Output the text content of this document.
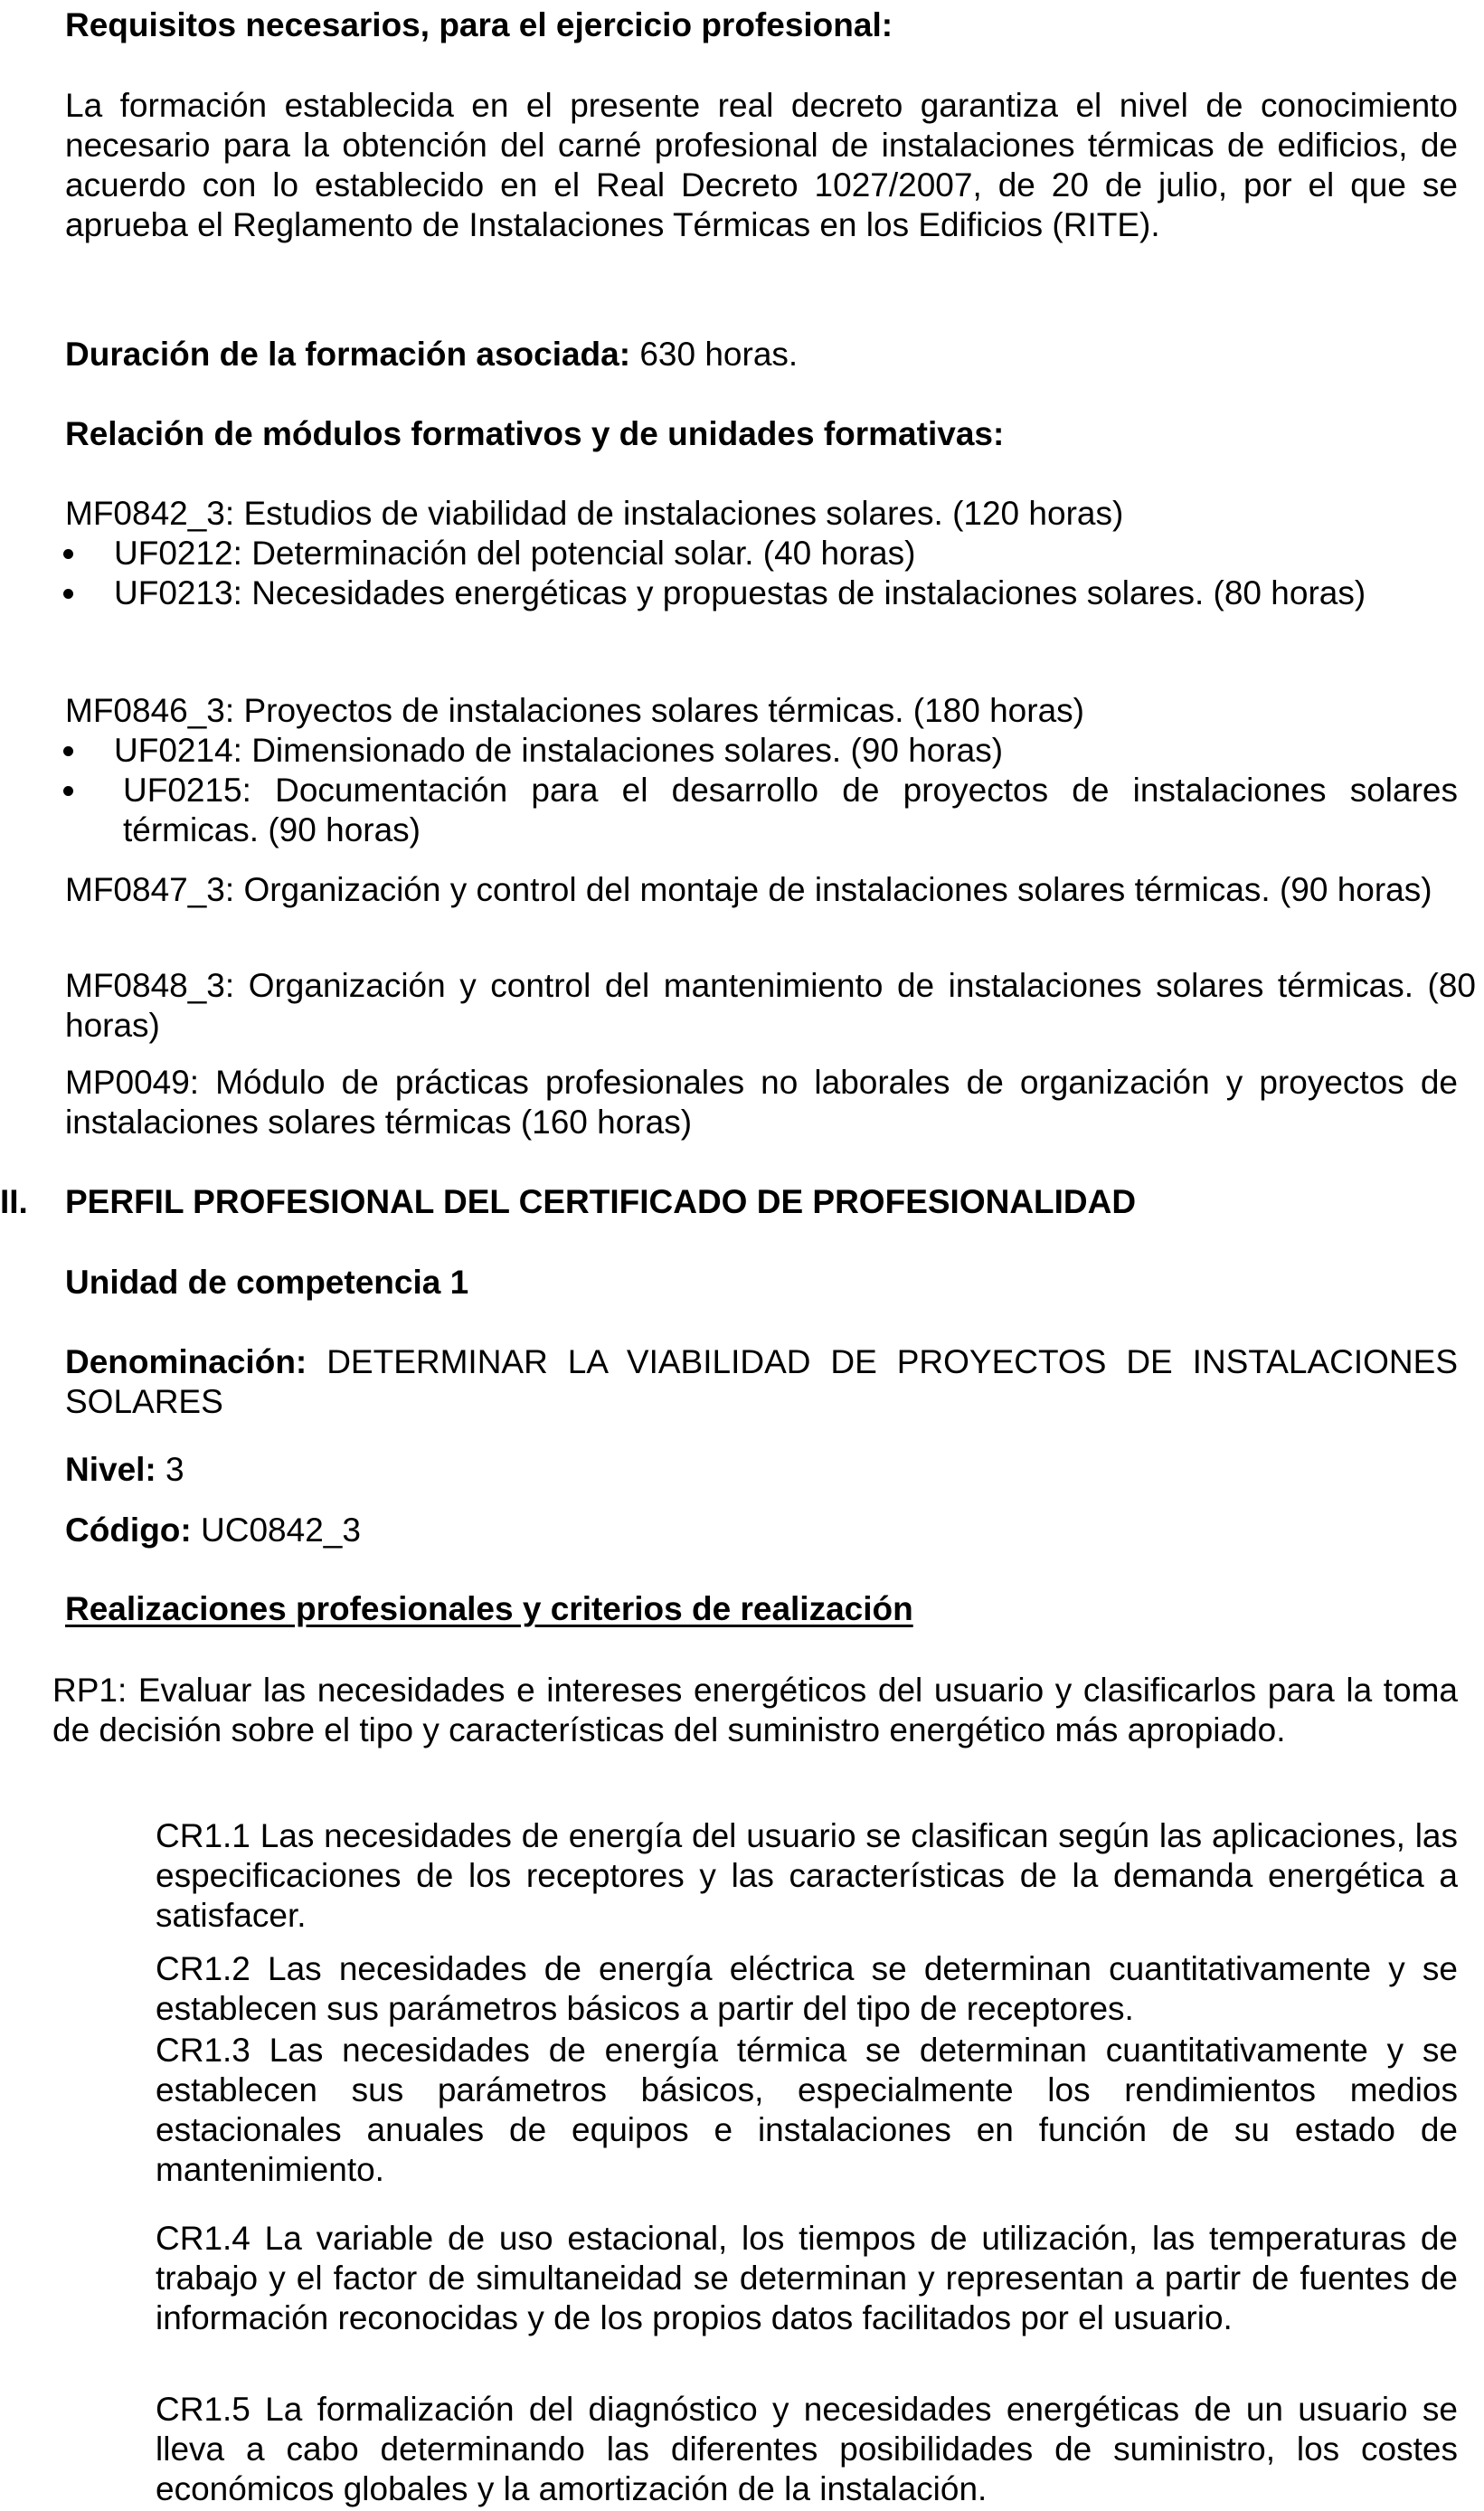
Requisitos necesarios, para el ejercicio profesional:

La formación establecida en el presente real decreto garantiza el nivel de conocimiento necesario para la obtención del carné profesional de instalaciones térmicas de edificios, de acuerdo con lo establecido en el Real Decreto 1027/2007, de 20 de julio, por el que se aprueba el Reglamento de Instalaciones Térmicas en los Edificios (RITE).

Duración de la formación asociada: 630 horas.
Relación de módulos formativos y de unidades formativas:
MF0842_3: Estudios de viabilidad de instalaciones solares. (120 horas)
UF0212: Determinación del potencial solar. (40 horas)
UF0213: Necesidades energéticas y propuestas de instalaciones solares. (80 horas)
MF0846_3: Proyectos de instalaciones solares térmicas. (180 horas)
UF0214: Dimensionado de instalaciones solares. (90 horas)
UF0215: Documentación para el desarrollo de proyectos de instalaciones solares térmicas. (90 horas)

MF0847_3: Organización y control del montaje de instalaciones solares térmicas. (90 horas)

MF0848_3: Organización y control del mantenimiento de instalaciones solares térmicas. (80 horas)

MP0049: Módulo de prácticas profesionales no laborales de organización y proyectos de instalaciones solares térmicas (160 horas)

II.	PERFIL PROFESIONAL DEL CERTIFICADO DE PROFESIONALIDAD
Unidad de competencia 1

Denominación: DETERMINAR LA VIABILIDAD DE PROYECTOS DE INSTALACIONES SOLARES

Nivel: 3
Código: UC0842_3
Realizaciones profesionales y criterios de realización

RP1: Evaluar las necesidades e intereses energéticos del usuario y clasificarlos para la toma de decisión sobre el tipo y características del suministro energético más apropiado.

CR1.1 Las necesidades de energía del usuario se clasifican según las aplicaciones, las especificaciones de los receptores y las características de la demanda energética a satisfacer.

CR1.2 Las necesidades de energía eléctrica se determinan cuantitativamente y se establecen sus parámetros básicos a partir del tipo de receptores.

CR1.3 Las necesidades de energía térmica se determinan cuantitativamente y se establecen sus parámetros básicos, especialmente los rendimientos medios estacionales anuales de equipos e instalaciones en función de su estado de mantenimiento.

CR1.4 La variable de uso estacional, los tiempos de utilización, las temperaturas de trabajo y el factor de simultaneidad se determinan y representan a partir de fuentes de información reconocidas y de los propios datos facilitados por el usuario.

CR1.5 La formalización del diagnóstico y necesidades energéticas de un usuario se lleva a cabo determinando las diferentes posibilidades de suministro, los costes económicos globales y la amortización de la instalación.
